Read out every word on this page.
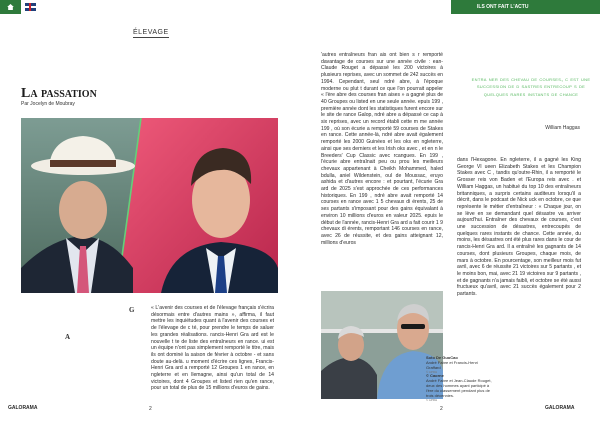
ILS ONT FAIT L'ACTU
ÉLEVAGE
La passation
Par Jocelyn de Moubray

'autres entraîneurs fran ais ont bien s r remporté davantage de courses sur une année civile : ean-Claude Rouget a dépassé les 200 victoires à plusieurs reprises, avec un sommet de 242 succès en 1994. Cependant, seul ndré abre, à l'époque moderne ou plut t durant ce que l'on pourrait appeler « l'ère abre des courses fran aises » a gagné plus de 40 Groupes ou listed en une seule année. epuis 199 , première année dont les statistiques furent encore sur le site de rance Galop, ndré abre a dépassé ce cap à six reprises, avec un record établi cette m me année 199 , où son écurie a remporté 59 courses de Stakes en rance. Cette année-là, ndré abre avait également remporté les 2000 Guinées et les oks en ngleterre, ainsi que ses derniers et les Irish oks avec , et en n le Breeders' Cup Classic avec rcangues. En 199 , l'écurie abre entraînait peu ou prou les meilleurs chevaux appartenant à Cheikh Mohammed, haled bdulla, aniel Wildenstein, oul de Moussac, eruyo ashida et d'autres encore : et pourtant, l'écurie Gra ard de 2025 s'est approchée de ces performances historiques. En 199 , ndré abre avait remporté 14 courses en rance avec 1 5 chevaux di érents, 25 de ses partants s'imposant pour des gains équivalant à environ 10 millions d'euros en valeur 2025. epuis le début de l'année, rancis-Henri Gra ard a fait courir 1 9 chevaux di érents, remportant 146 courses en rance, avec 26 de réussite, et des gains atteignant 12, millions d'euros

entra ner des chevau de courses, c est une succession de d sastres entrecoup s de quelques rares instants de chance
William Haggas

dans l'Hexagone. En ngleterre, il a gagné les King George VI ueen Elizabeth Stakes et les Champion Stakes avec C , tandis qu'outre-Rhin, il a remporté le Grosser reis von Baden et l'Europa reis avec . et William Haggas, un habitué du top 10 des entraîneurs britanniques, a surpris certains auditeurs lorsqu'il a décrit, dans le podcast de Nick uck en octobre, ce que représente le métier d'entraîneur : « Chaque jour, on se lève en se demandant quel désastre va arriver aujourd'hui. Entraîner des chevaux de courses, c'est une succession de désastres, entrecoupés de quelques rares instants de chance. Cette année, du moins, les désastres ont été plus rares dans le cour de rancis-Henri Gra ard. Il a entraîné les gagnants de 14 courses, dont plusieurs Groupes, chaque mois, de mars à octobre. En pourcentage, son meilleur mois fut avril, avec 6 de réussite 21 victoires sur 5 partants , et le moins bon, mai, avec 21 19 victoires sur 9 partants , et de gagnants n'a jamais faibli, et octobre se été aussi fructueux qu'avril, avec 21 succès également pour 2 partants.

G
A

« L'avenir des courses et de l'élevage français s'écrira désormais entre d'autres mains », affirma, il faut mettre les inquiétudes quant à l'avenir des courses et de l'élevage de c té, pour prendre le temps de saluer les grandes réalisations. rancis-Henri Gra ard est le nouvelle t te de liste des entraîneurs en rance. ui est un équipe n'ont pas simplement remporté le titre, mais ils ont dominé la saison de février à octobre - et sans doute au-delà. u moment d'écrire ces lignes, Francis-Henri Gra ard a remporté 12 Groupes 1 en rance, en ngleterre et en llemagne, ainsi qu'un total de 14 victoires, dont 4 Groupes et listed rien qu'en rance, pour un total de plus de 15 millions d'euros de gains.

Soto De GuoCao
André Fabre et Francis-Henri Graffard
© APRH
© Caorne
André Fabre et Jean-Claude Rouget, deux des hommes ayant participé à l'ère du classement pendant plus de trois décennies.
© APRH
GALORAMA	2	2	GALORAMA
